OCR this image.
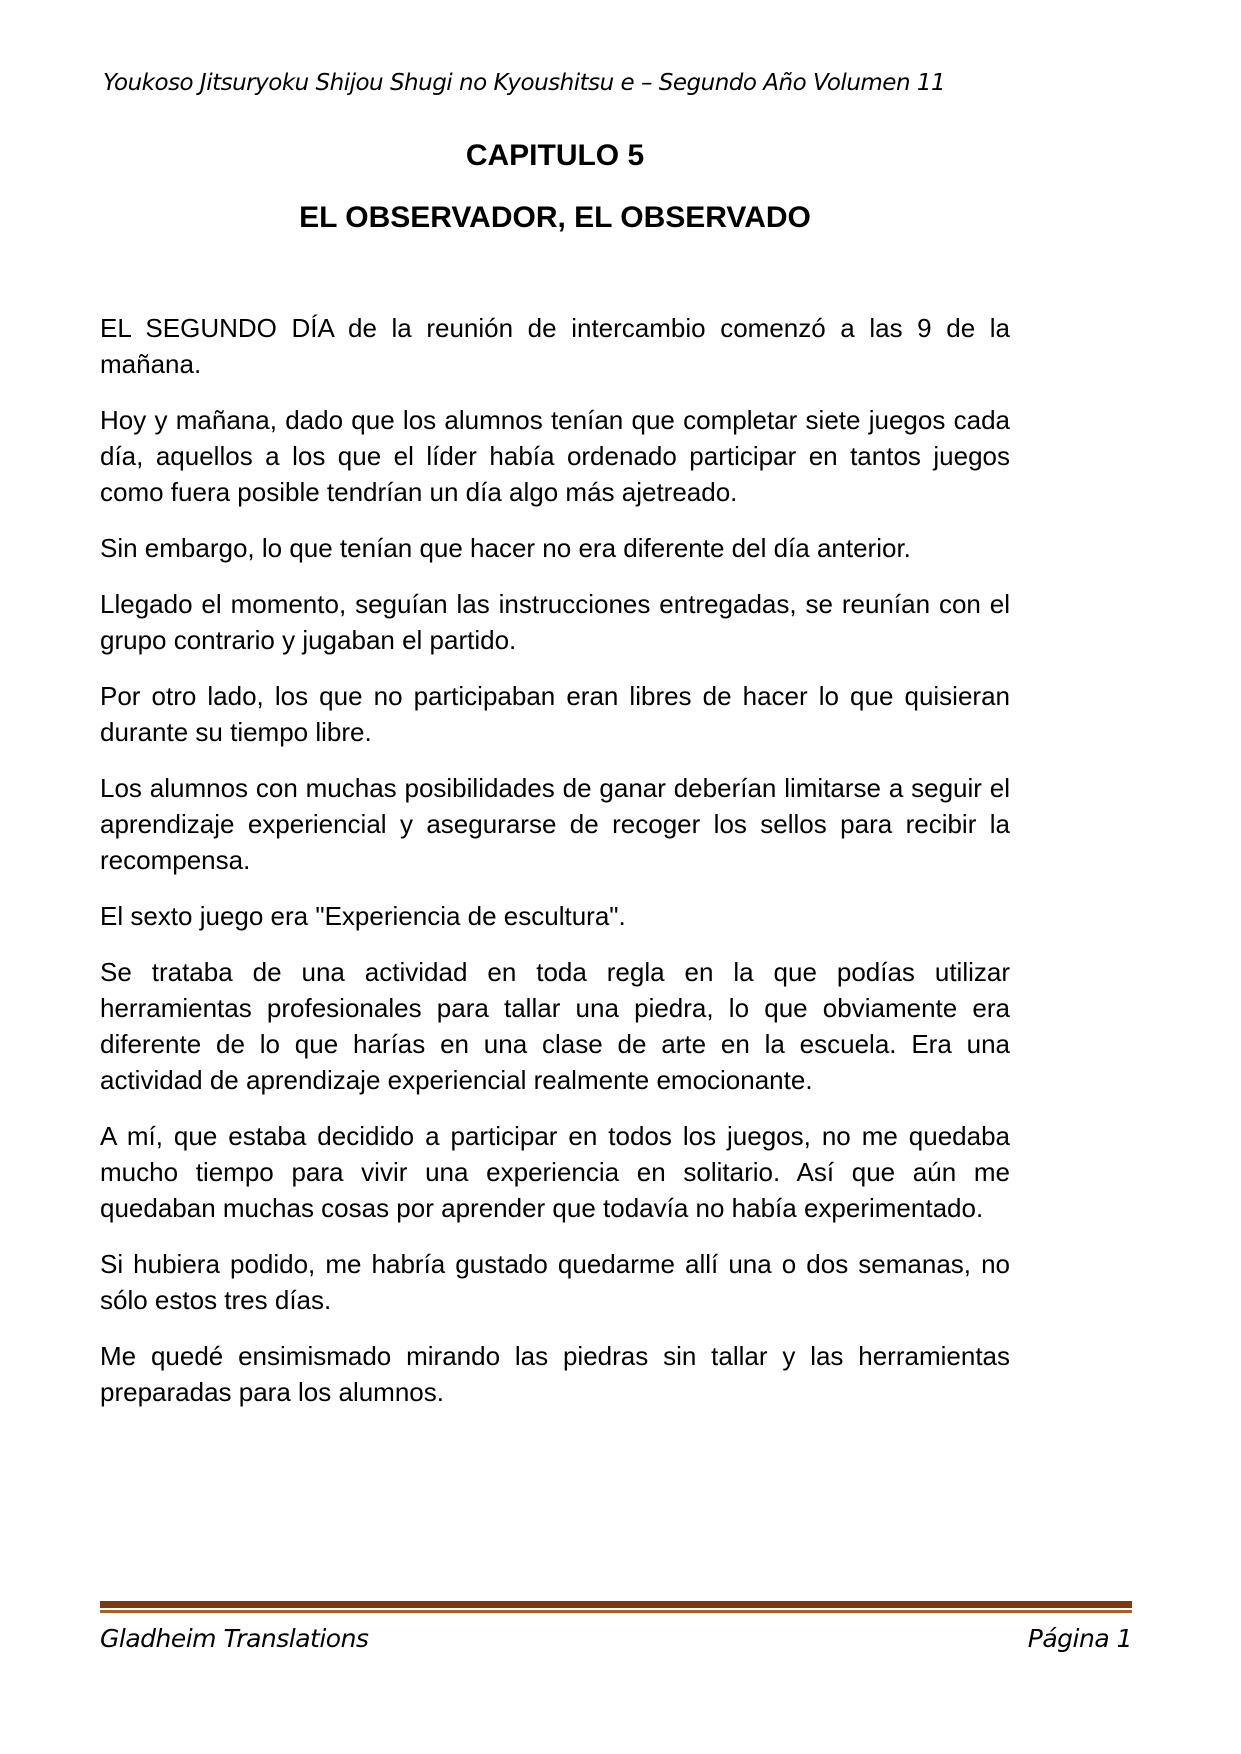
Youkoso Jitsuryoku Shijou Shugi no Kyoushitsu e – Segundo Año Volumen 11
CAPITULO 5
EL OBSERVADOR, EL OBSERVADO

EL SEGUNDO DÍA de la reunión de intercambio comenzó a las 9 de la mañana.

Hoy y mañana, dado que los alumnos tenían que completar siete juegos cada día, aquellos a los que el líder había ordenado participar en tantos juegos como fuera posible tendrían un día algo más ajetreado.

Sin embargo, lo que tenían que hacer no era diferente del día anterior.

Llegado el momento, seguían las instrucciones entregadas, se reunían con el grupo contrario y jugaban el partido.

Por otro lado, los que no participaban eran libres de hacer lo que quisieran durante su tiempo libre.

Los alumnos con muchas posibilidades de ganar deberían limitarse a seguir el aprendizaje experiencial y asegurarse de recoger los sellos para recibir la recompensa.

El sexto juego era "Experiencia de escultura".

Se trataba de una actividad en toda regla en la que podías utilizar herramientas profesionales para tallar una piedra, lo que obviamente era diferente de lo que harías en una clase de arte en la escuela. Era una actividad de aprendizaje experiencial realmente emocionante.

A mí, que estaba decidido a participar en todos los juegos, no me quedaba mucho tiempo para vivir una experiencia en solitario. Así que aún me quedaban muchas cosas por aprender que todavía no había experimentado.

Si hubiera podido, me habría gustado quedarme allí una o dos semanas, no sólo estos tres días.

Me quedé ensimismado mirando las piedras sin tallar y las herramientas preparadas para los alumnos.

Gladheim Translations	Página 1
